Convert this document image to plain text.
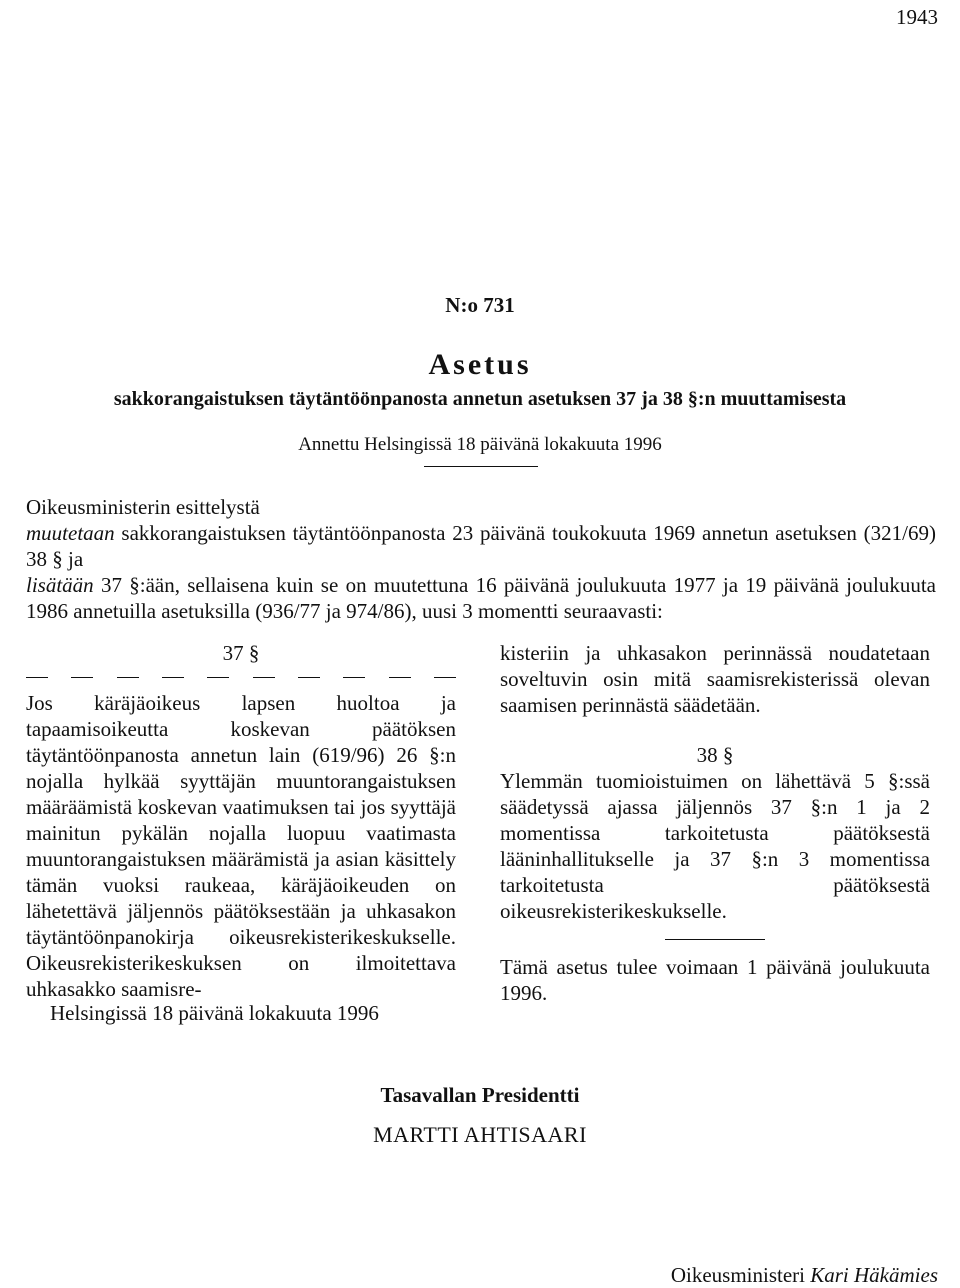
1943
N:o 731
Asetus
sakkorangaistuksen täytäntöönpanosta annetun asetuksen 37 ja 38 §:n muuttamisesta
Annettu Helsingissä 18 päivänä lokakuuta 1996

Oikeusministerin esittelystä

muutetaan sakkorangaistuksen täytäntöönpanosta 23 päivänä toukokuuta 1969 annetun asetuksen (321/69) 38 § ja

lisätään 37 §:ään, sellaisena kuin se on muutettuna 16 päivänä joulukuuta 1977 ja 19 päivänä joulukuuta 1986 annetuilla asetuksilla (936/77 ja 974/86), uusi 3 momentti seuraavasti:

37 §

Jos käräjäoikeus lapsen huoltoa ja tapaamisoikeutta koskevan päätöksen täytäntöönpanosta annetun lain (619/96) 26 §:n nojalla hylkää syyttäjän muuntorangaistuksen määräämistä koskevan vaatimuksen tai jos syyttäjä mainitun pykälän nojalla luopuu vaatimasta muuntorangaistuksen määrämistä ja asian käsittely tämän vuoksi raukeaa, käräjäoikeuden on lähetettävä jäljennös päätöksestään ja uhkasakon täytäntöönpanokirja oikeusrekisterikeskukselle. Oikeusrekisterikeskuksen on ilmoitettava uhkasakko saamisre-

kisteriin ja uhkasakon perinnässä noudatetaan soveltuvin osin mitä saamisrekisterissä olevan saamisen perinnästä säädetään.

38 §

Ylemmän tuomioistuimen on lähettävä 5 §:ssä säädetyssä ajassa jäljennös 37 §:n 1 ja 2 momentissa tarkoitetusta päätöksestä lääninhallitukselle ja 37 §:n 3 momentissa tarkoitetusta päätöksestä oikeusrekisterikeskukselle.

Tämä asetus tulee voimaan 1 päivänä joulukuuta 1996.

Helsingissä 18 päivänä lokakuuta 1996
Tasavallan Presidentti
MARTTI AHTISAARI
Oikeusministeri Kari Häkämies
